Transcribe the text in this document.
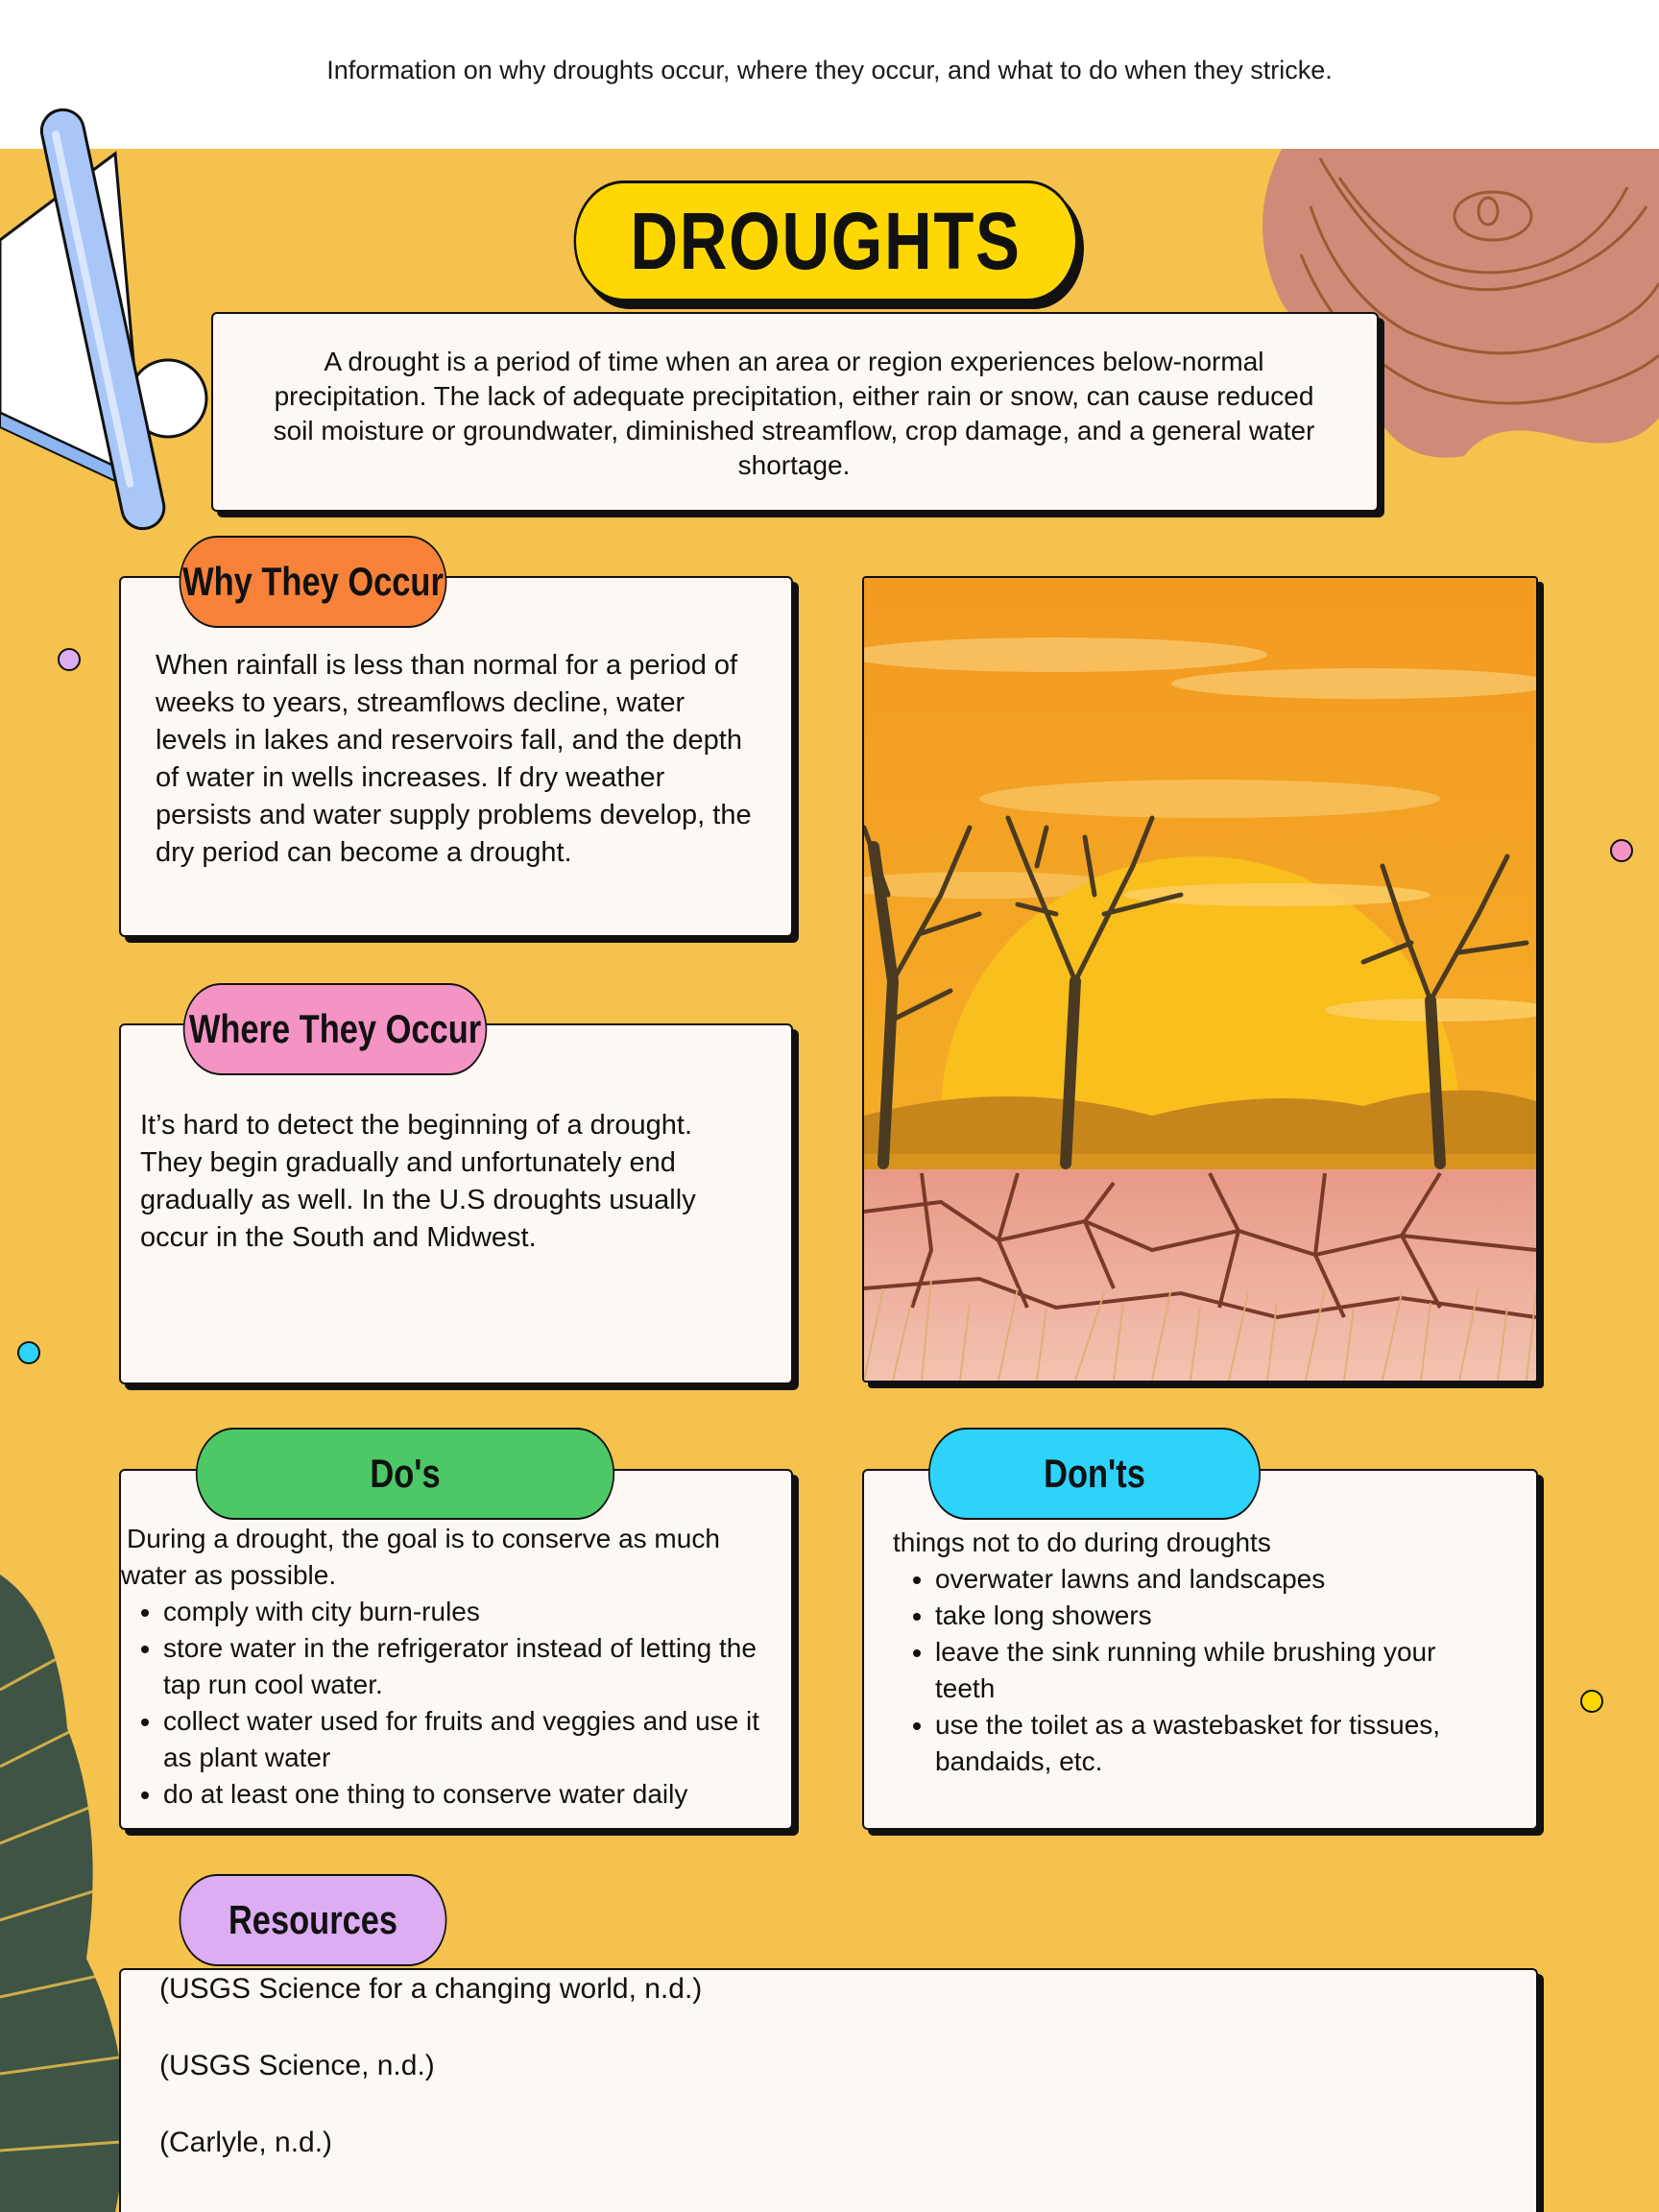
Information on why droughts occur, where they occur, and what to do when they stricke.
DROUGHTS
A drought is a period of time when an area or region experiences below-normal precipitation. The lack of adequate precipitation, either rain or snow, can cause reduced soil moisture or groundwater, diminished streamflow, crop damage, and a general water shortage.
When rainfall is less than normal for a period of weeks to years, streamflows decline, water levels in lakes and reservoirs fall, and the depth of water in wells increases. If dry weather persists and water supply problems develop, the dry period can become a drought.
Why They Occur
It’s hard to detect the beginning of a drought. They begin gradually and unfortunately end gradually as well. In the U.S droughts usually occur in the South and Midwest.
Where They Occur
During a drought, the goal is to conserve as much water as possible.
• comply with city burn-rules
• store water in the refrigerator instead of letting the tap run cool water.
• collect water used for fruits and veggies and use it as plant water
• do at least one thing to conserve water daily
Do's
things not to do during droughts
• overwater lawns and landscapes
• take long showers
• leave the sink running while brushing your teeth
• use the toilet as a wastebasket for tissues, bandaids, etc.
Don'ts
(USGS Science for a changing world, n.d.)
(USGS Science, n.d.)
(Carlyle, n.d.)
Resources
